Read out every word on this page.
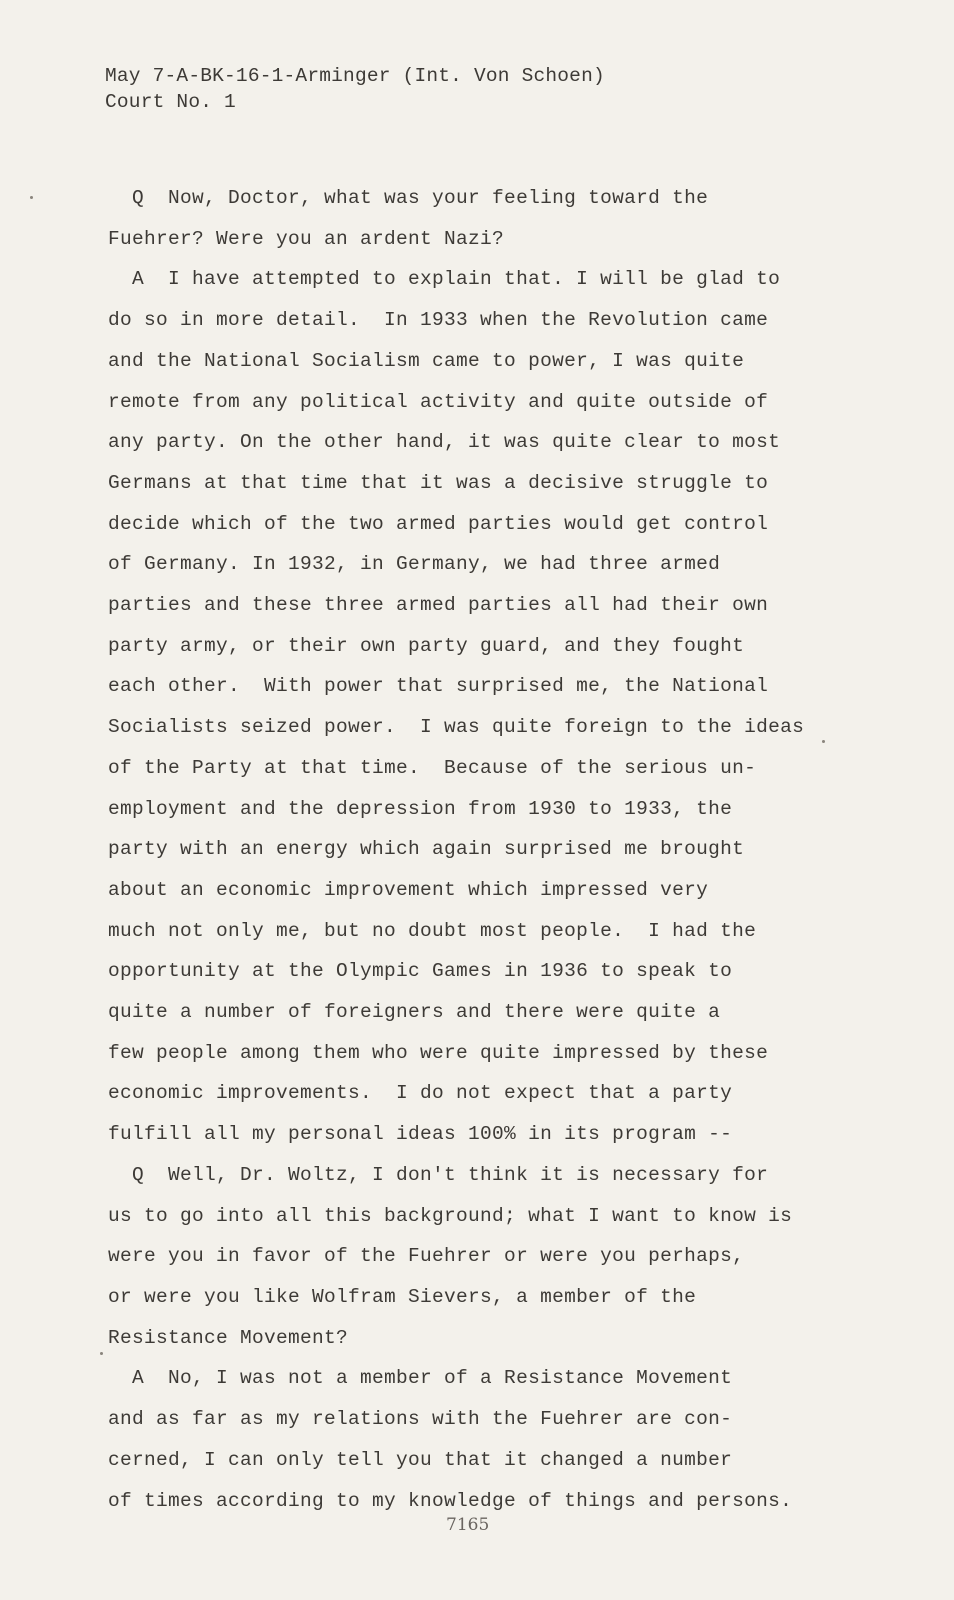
May 7-A-BK-16-1-Arminger (Int. Von Schoen)
Court No. 1
Q  Now, Doctor, what was your feeling toward the
Fuehrer? Were you an ardent Nazi?
A  I have attempted to explain that. I will be glad to
do so in more detail.  In 1933 when the Revolution came
and the National Socialism came to power, I was quite
remote from any political activity and quite outside of
any party. On the other hand, it was quite clear to most
Germans at that time that it was a decisive struggle to
decide which of the two armed parties would get control
of Germany. In 1932, in Germany, we had three armed
parties and these three armed parties all had their own
party army, or their own party guard, and they fought
each other.  With power that surprised me, the National
Socialists seized power.  I was quite foreign to the ideas
of the Party at that time.  Because of the serious un-
employment and the depression from 1930 to 1933, the
party with an energy which again surprised me brought
about an economic improvement which impressed very
much not only me, but no doubt most people.  I had the
opportunity at the Olympic Games in 1936 to speak to
quite a number of foreigners and there were quite a
few people among them who were quite impressed by these
economic improvements.  I do not expect that a party
fulfill all my personal ideas 100% in its program --
Q  Well, Dr. Woltz, I don't think it is necessary for
us to go into all this background; what I want to know is
were you in favor of the Fuehrer or were you perhaps,
or were you like Wolfram Sievers, a member of the
Resistance Movement?
A  No, I was not a member of a Resistance Movement
and as far as my relations with the Fuehrer are con-
cerned, I can only tell you that it changed a number
of times according to my knowledge of things and persons.
7165
